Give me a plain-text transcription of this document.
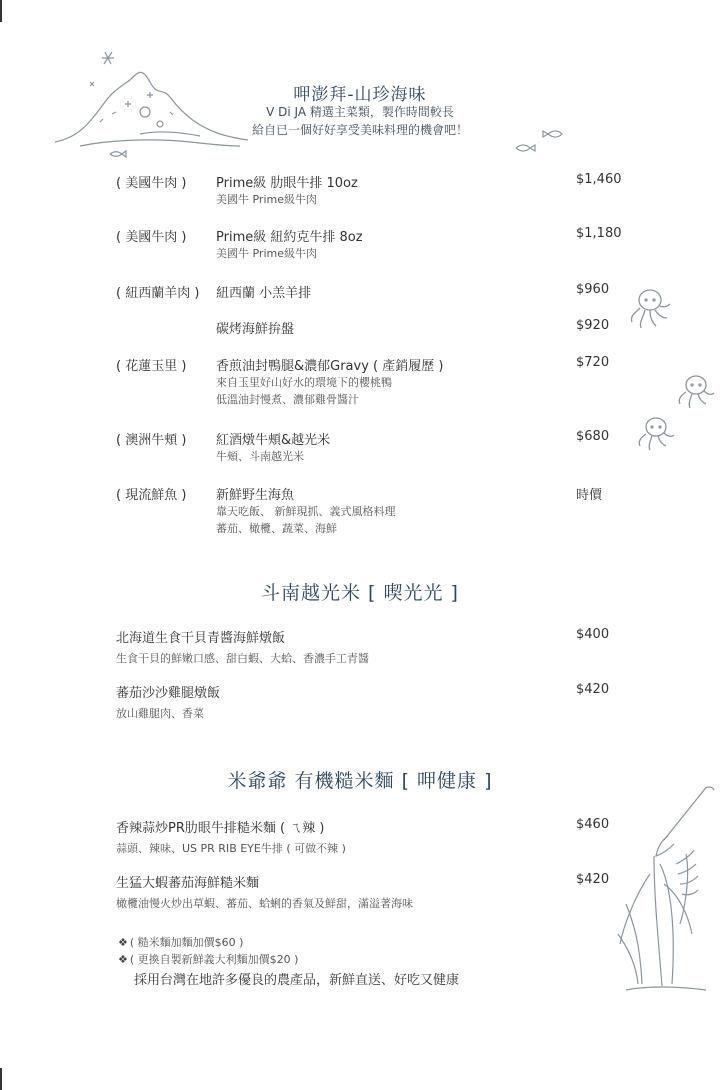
呷澎拜-山珍海味
V Di JA 精選主菜類，製作時間較長
給自已一個好好享受美味料理的機會吧！
( 美國牛肉 ) Prime級 肋眼牛排 10oz
美國牛 Prime級牛肉
$1,460
( 美國牛肉 ) Prime級 紐約克牛排 8oz
美國牛 Prime級牛肉
$1,180
( 紐西蘭羊肉 ) 紐西蘭 小羔羊排	$960
碳烤海鮮拚盤	$920
( 花蓮玉里 ) 香煎油封鴨腿&濃郁Gravy ( 產銷履歷 )
來自玉里好山好水的環境下的櫻桃鴨
低溫油封慢煮、濃郁雞骨醬汁
$720
( 澳洲牛頰 ) 紅酒燉牛頰&越光米
牛頰、斗南越光米
$680
( 現流鮮魚 ) 新鮮野生海魚
靠天吃飯、 新鮮現抓、義式風格料理
蕃茄、橄欖、蔬菜、海鮮
時價
斗南越光米 [ 喫光光 ]
北海道生食干貝青醬海鮮燉飯
生食干貝的鮮嫩口感、甜白蝦、大蛤、香濃手工青醬
$400
蕃茄沙沙雞腿燉飯
放山雞腿肉、香菜
$420
米爺爺 有機糙米麵 [ 呷健康 ]
香辣蒜炒PR肋眼牛排糙米麵 ( ㄟ辣 )
蒜頭、辣味、US PR RIB EYE牛排 ( 可做不辣 )
$460
生猛大蝦蕃茄海鮮糙米麵
橄欖油慢火炒出草蝦、蕃茄、蛤蜊的香氣及鮮甜，滿溢著海味
$420
❖ ( 糙米麵加麵加價$60 )
❖ ( 更換自製新鮮義大利麵加價$20 )
採用台灣在地許多優良的農產品，新鮮直送、好吃又健康
